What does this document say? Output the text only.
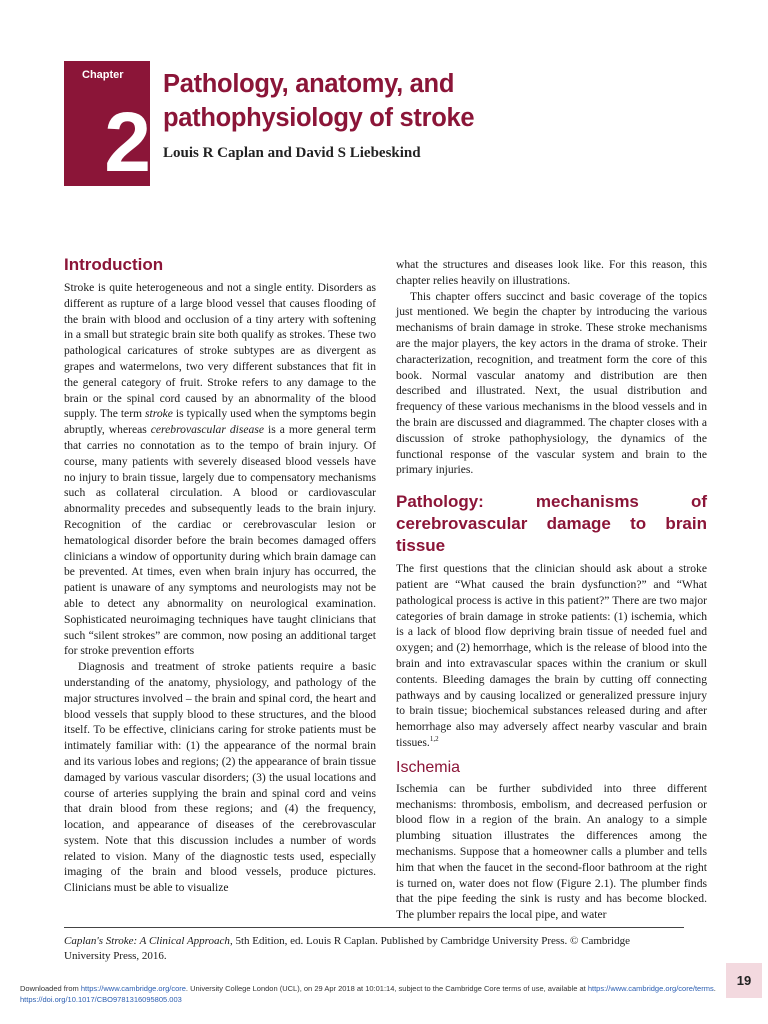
Chapter
2
Pathology, anatomy, and pathophysiology of stroke

Louis R Caplan and David S Liebeskind

Introduction

Stroke is quite heterogeneous and not a single entity. Disorders as different as rupture of a large blood vessel that causes flooding of the brain with blood and occlusion of a tiny artery with softening in a small but strategic brain site both qualify as strokes. These two pathological caricatures of stroke subtypes are as divergent as grapes and watermelons, two very different substances that fit in the general category of fruit. Stroke refers to any damage to the brain or the spinal cord caused by an abnormality of the blood supply. The term stroke is typically used when the symptoms begin abruptly, whereas cerebrovascular disease is a more general term that carries no connotation as to the tempo of brain injury. Of course, many patients with severely diseased blood vessels have no injury to brain tissue, largely due to compensatory mechanisms such as collateral circulation. A blood or cardiovascular abnormality precedes and subsequently leads to the brain injury. Recognition of the cardiac or cerebrovascular lesion or hematological disorder before the brain becomes damaged offers clinicians a window of opportunity during which brain damage can be prevented. At times, even when brain injury has occurred, the patient is unaware of any symptoms and neurologists may not be able to detect any abnormality on neurological examination. Sophisticated neuroimaging techniques have taught clinicians that such “silent strokes” are common, now posing an additional target for stroke prevention efforts

Diagnosis and treatment of stroke patients require a basic understanding of the anatomy, physiology, and pathology of the major structures involved – the brain and spinal cord, the heart and blood vessels that supply blood to these structures, and the blood itself. To be effective, clinicians caring for stroke patients must be intimately familiar with: (1) the appearance of the normal brain and its various lobes and regions; (2) the appearance of brain tissue damaged by various vascular disorders; (3) the usual locations and course of arteries supplying the brain and spinal cord and veins that drain blood from these regions; and (4) the frequency, location, and appearance of diseases of the cerebrovascular system. Note that this discussion includes a number of words related to vision. Many of the diagnostic tests used, especially imaging of the brain and blood vessels, produce pictures. Clinicians must be able to visualize

what the structures and diseases look like. For this reason, this chapter relies heavily on illustrations.

This chapter offers succinct and basic coverage of the topics just mentioned. We begin the chapter by introducing the various mechanisms of brain damage in stroke. These stroke mechanisms are the major players, the key actors in the drama of stroke. Their characterization, recognition, and treatment form the core of this book. Normal vascular anatomy and distribution are then described and illustrated. Next, the usual distribution and frequency of these various mechanisms in the blood vessels and in the brain are discussed and diagrammed. The chapter closes with a discussion of stroke pathophysiology, the dynamics of the functional response of the vascular system and brain to the primary injuries.

Pathology: mechanisms of cerebrovascular damage to brain tissue

The first questions that the clinician should ask about a stroke patient are “What caused the brain dysfunction?” and “What pathological process is active in this patient?” There are two major categories of brain damage in stroke patients: (1) ischemia, which is a lack of blood flow depriving brain tissue of needed fuel and oxygen; and (2) hemorrhage, which is the release of blood into the brain and into extravascular spaces within the cranium or skull contents. Bleeding damages the brain by cutting off connecting pathways and by causing localized or generalized pressure injury to brain tissue; biochemical substances released during and after hemorrhage also may adversely affect nearby vascular and brain tissues.$^{1,2}$

Ischemia

Ischemia can be further subdivided into three different mechanisms: thrombosis, embolism, and decreased perfusion or blood flow in a region of the brain. An analogy to a simple plumbing situation illustrates the differences among the mechanisms. Suppose that a homeowner calls a plumber and tells him that when the faucet in the second-floor bathroom at the right is turned on, water does not flow (Figure 2.1). The plumber finds that the pipe feeding the sink is rusty and has become blocked. The plumber repairs the local pipe, and water

Caplan's Stroke: A Clinical Approach, 5th Edition, ed. Louis R Caplan. Published by Cambridge University Press. © Cambridge University Press, 2016.

19

Downloaded from https://www.cambridge.org/core. University College London (UCL), on 29 Apr 2018 at 10:01:14, subject to the Cambridge Core terms of use, available at https://www.cambridge.org/core/terms. https://doi.org/10.1017/CBO9781316095805.003
